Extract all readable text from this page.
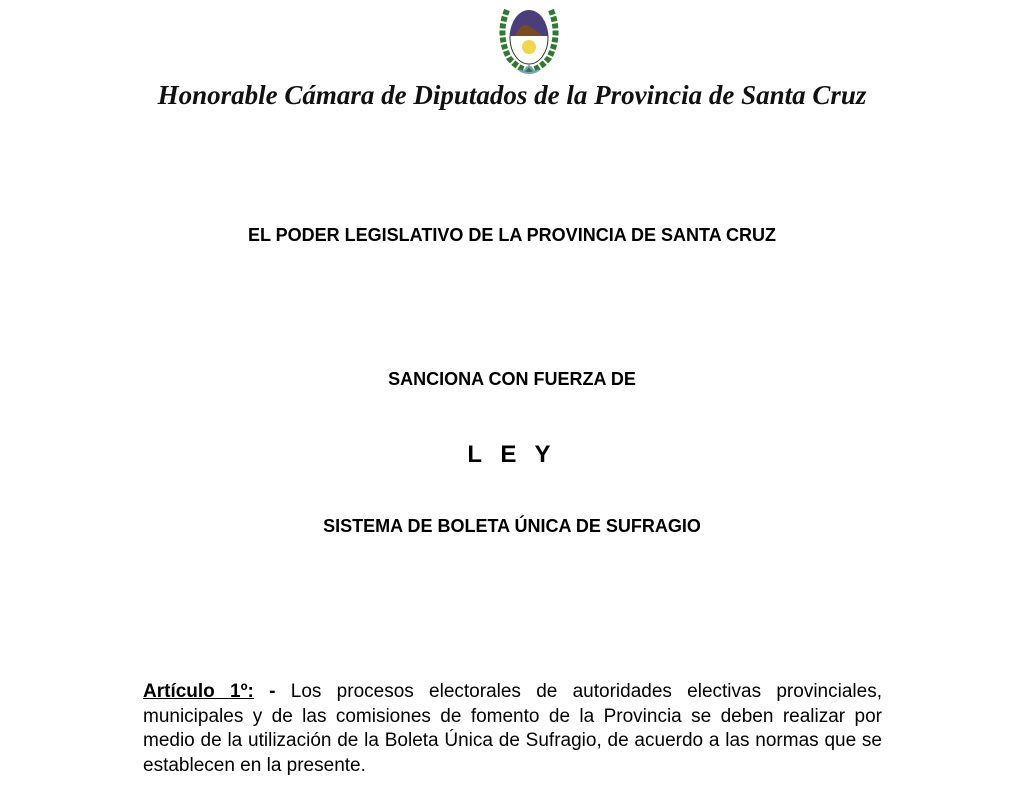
Honorable Cámara de Diputados de la Provincia de Santa Cruz
EL PODER LEGISLATIVO DE LA PROVINCIA DE SANTA CRUZ
SANCIONA CON FUERZA DE
L E Y
SISTEMA DE BOLETA ÚNICA DE SUFRAGIO
Artículo 1º: - Los procesos electorales de autoridades electivas provinciales, municipales y de las comisiones de fomento de la Provincia se deben realizar por medio de la utilización de la Boleta Única de Sufragio, de acuerdo a las normas que se establecen en la presente.
